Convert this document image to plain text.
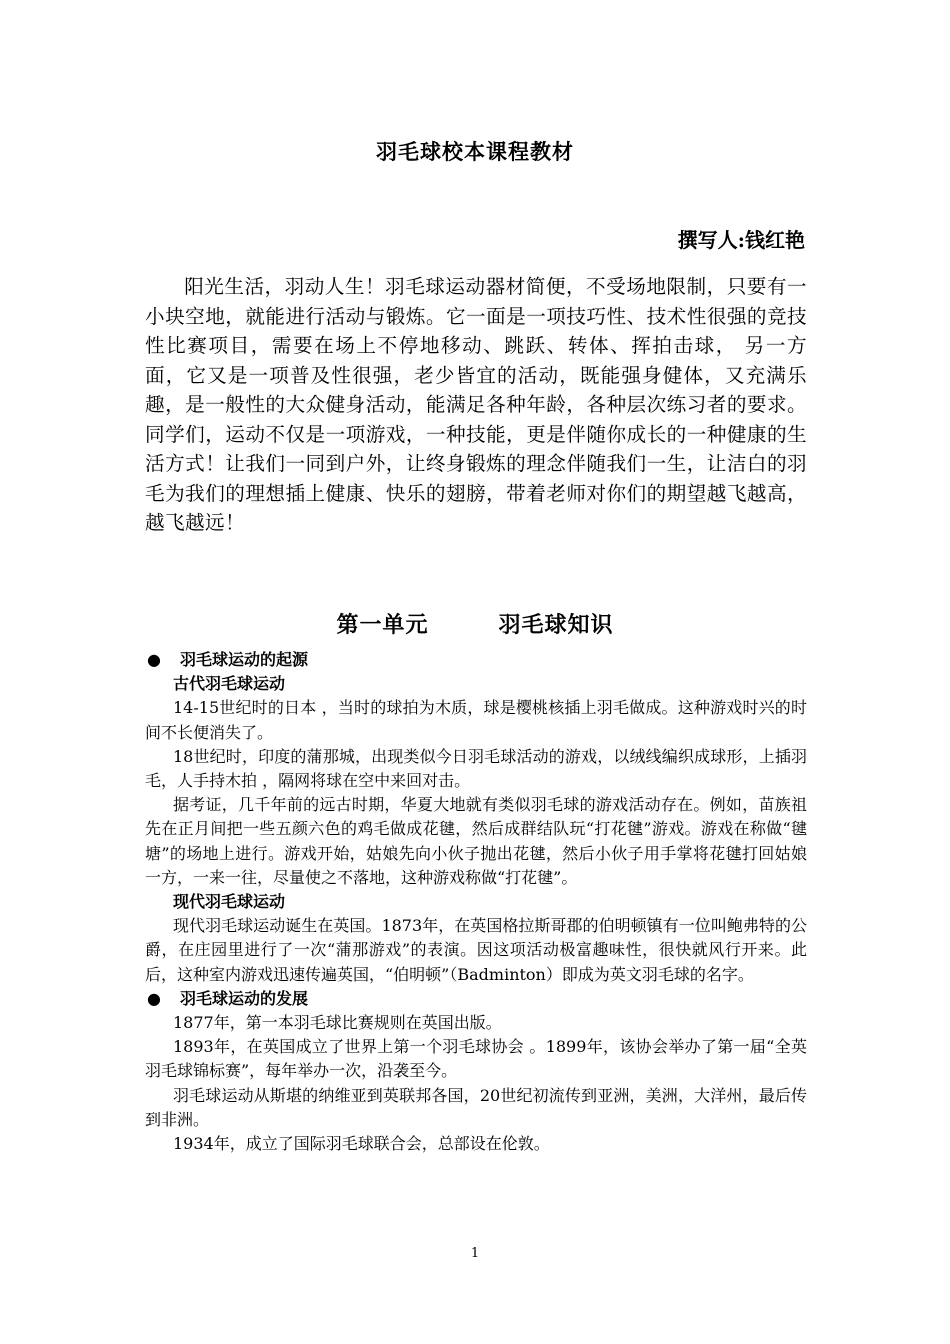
羽毛球校本课程教材
撰写人:钱红艳
阳光生活，羽动人生！羽毛球运动器材简便，不受场地限制，只要有一小块空地，就能进行活动与锻炼。它一面是一项技巧性、技术性很强的竞技性比赛项目，需要在场上不停地移动、跳跃、转体、挥拍击球， 另一方面，它又是一项普及性很强，老少皆宜的活动，既能强身健体，又充满乐趣，是一般性的大众健身活动，能满足各种年龄，各种层次练习者的要求。同学们，运动不仅是一项游戏，一种技能，更是伴随你成长的一种健康的生活方式！让我们一同到户外，让终身锻炼的理念伴随我们一生，让洁白的羽毛为我们的理想插上健康、快乐的翅膀，带着老师对你们的期望越飞越高，越飞越远！
第一单元	羽毛球知识
● 羽毛球运动的起源
古代羽毛球运动

14-15世纪时的日本 ，当时的球拍为木质，球是樱桃核插上羽毛做成。这种游戏时兴的时间不长便消失了。

18世纪时，印度的蒲那城，出现类似今日羽毛球活动的游戏，以绒线编织成球形，上插羽毛，人手持木拍 ，隔网将球在空中来回对击。

据考证，几千年前的远古时期，华夏大地就有类似羽毛球的游戏活动存在。例如，苗族祖先在正月间把一些五颜六色的鸡毛做成花毽，然后成群结队玩“打花毽”游戏。游戏在称做“毽塘”的场地上进行。游戏开始，姑娘先向小伙子抛出花毽，然后小伙子用手掌将花毽打回姑娘一方，一来一往，尽量使之不落地，这种游戏称做“打花毽”。

现代羽毛球运动

现代羽毛球运动诞生在英国。1873年，在英国格拉斯哥郡的伯明顿镇有一位叫鲍弗特的公爵，在庄园里进行了一次“蒲那游戏”的表演。因这项活动极富趣味性，很快就风行开来。此后，这种室内游戏迅速传遍英国，“伯明顿”（Badminton）即成为英文羽毛球的名字。

● 羽毛球运动的发展

1877年，第一本羽毛球比赛规则在英国出版。

1893年，在英国成立了世界上第一个羽毛球协会 。1899年，该协会举办了第一届“全英羽毛球锦标赛”，每年举办一次，沿袭至今。

羽毛球运动从斯堪的纳维亚到英联邦各国，20世纪初流传到亚洲，美洲，大洋州，最后传到非洲。

1934年，成立了国际羽毛球联合会，总部设在伦敦。

1
